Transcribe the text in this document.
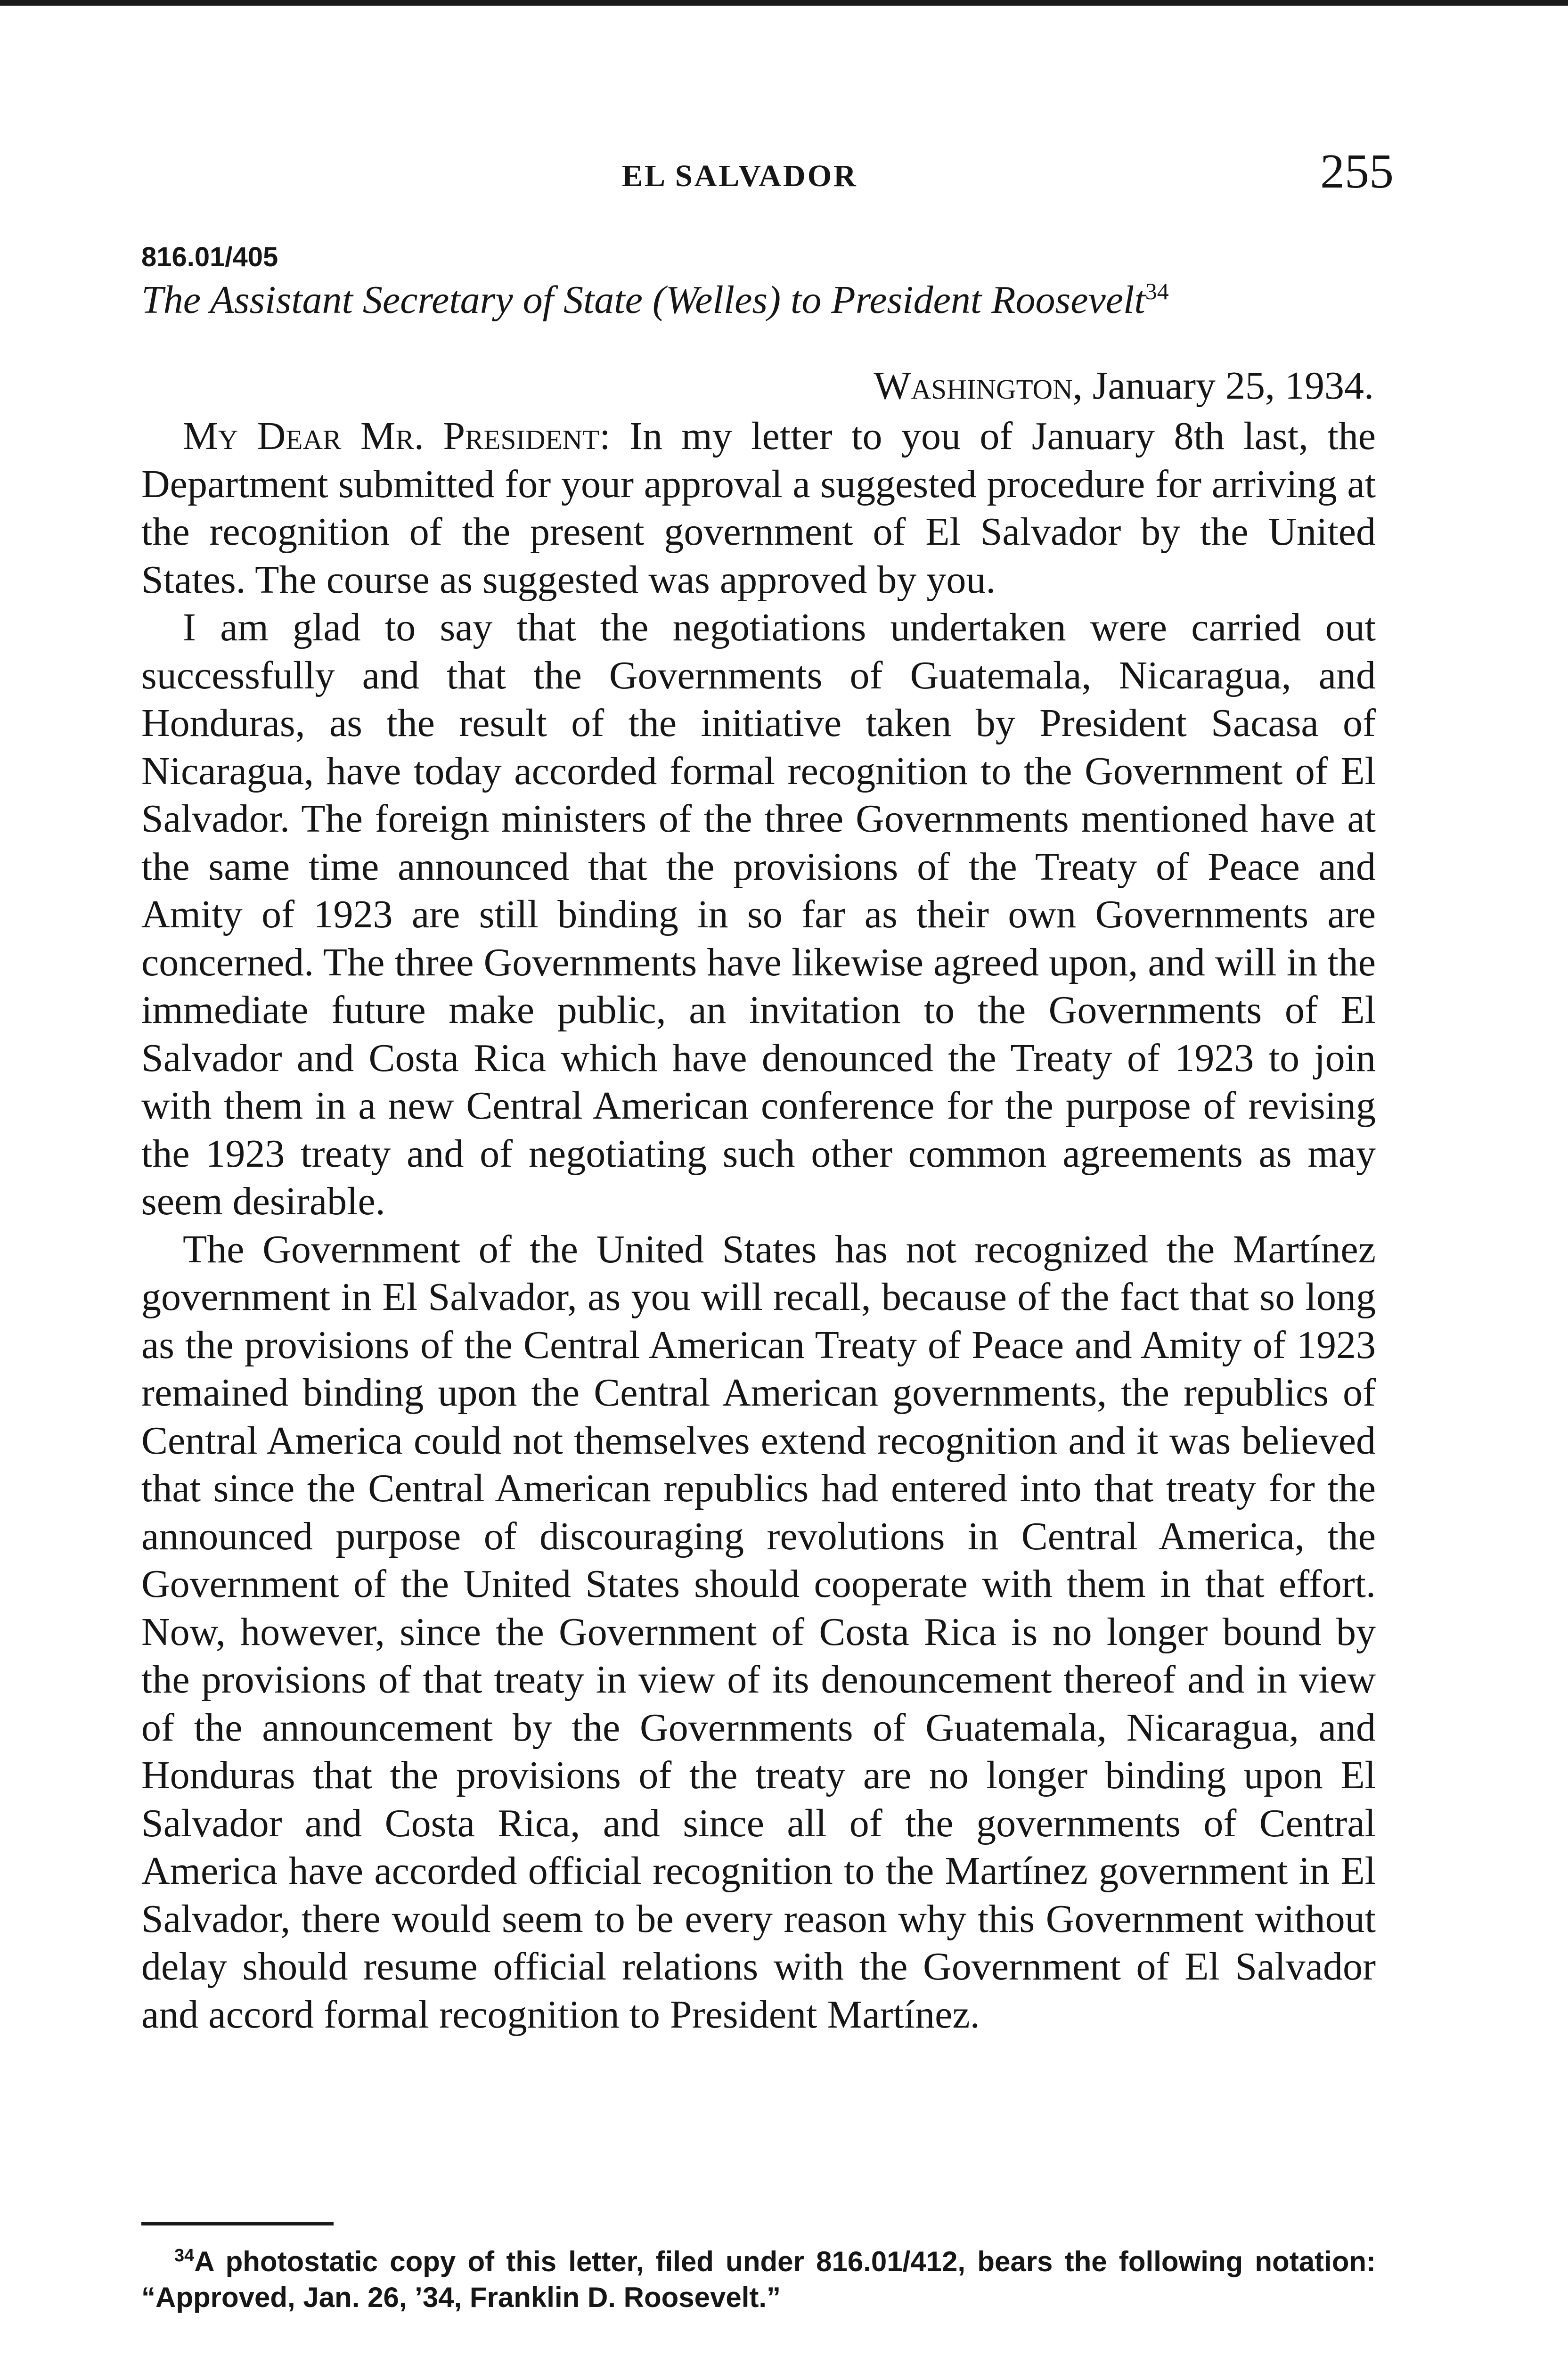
EL SALVADOR	255
816.01/405
The Assistant Secretary of State (Welles) to President Roosevelt$^{34}$
Washington, January 25, 1934.

My Dear Mr. President: In my letter to you of January 8th last, the Department submitted for your approval a suggested procedure for arriving at the recognition of the present government of El Salvador by the United States. The course as suggested was approved by you.

I am glad to say that the negotiations undertaken were carried out successfully and that the Governments of Guatemala, Nicaragua, and Honduras, as the result of the initiative taken by President Sacasa of Nicaragua, have today accorded formal recognition to the Government of El Salvador. The foreign ministers of the three Governments mentioned have at the same time announced that the provisions of the Treaty of Peace and Amity of 1923 are still binding in so far as their own Governments are concerned. The three Governments have likewise agreed upon, and will in the immediate future make public, an invitation to the Governments of El Salvador and Costa Rica which have denounced the Treaty of 1923 to join with them in a new Central American conference for the purpose of revising the 1923 treaty and of negotiating such other common agreements as may seem desirable.

The Government of the United States has not recognized the Martínez government in El Salvador, as you will recall, because of the fact that so long as the provisions of the Central American Treaty of Peace and Amity of 1923 remained binding upon the Central American governments, the republics of Central America could not themselves extend recognition and it was believed that since the Central American republics had entered into that treaty for the announced purpose of discouraging revolutions in Central America, the Government of the United States should cooperate with them in that effort. Now, however, since the Government of Costa Rica is no longer bound by the provisions of that treaty in view of its denouncement thereof and in view of the announcement by the Governments of Guatemala, Nicaragua, and Honduras that the provisions of the treaty are no longer binding upon El Salvador and Costa Rica, and since all of the governments of Central America have accorded official recognition to the Martínez government in El Salvador, there would seem to be every reason why this Government without delay should resume official relations with the Government of El Salvador and accord formal recognition to President Martínez.

$^{34}$A photostatic copy of this letter, filed under 816.01/412, bears the following notation: “Approved, Jan. 26, ’34, Franklin D. Roosevelt.”
